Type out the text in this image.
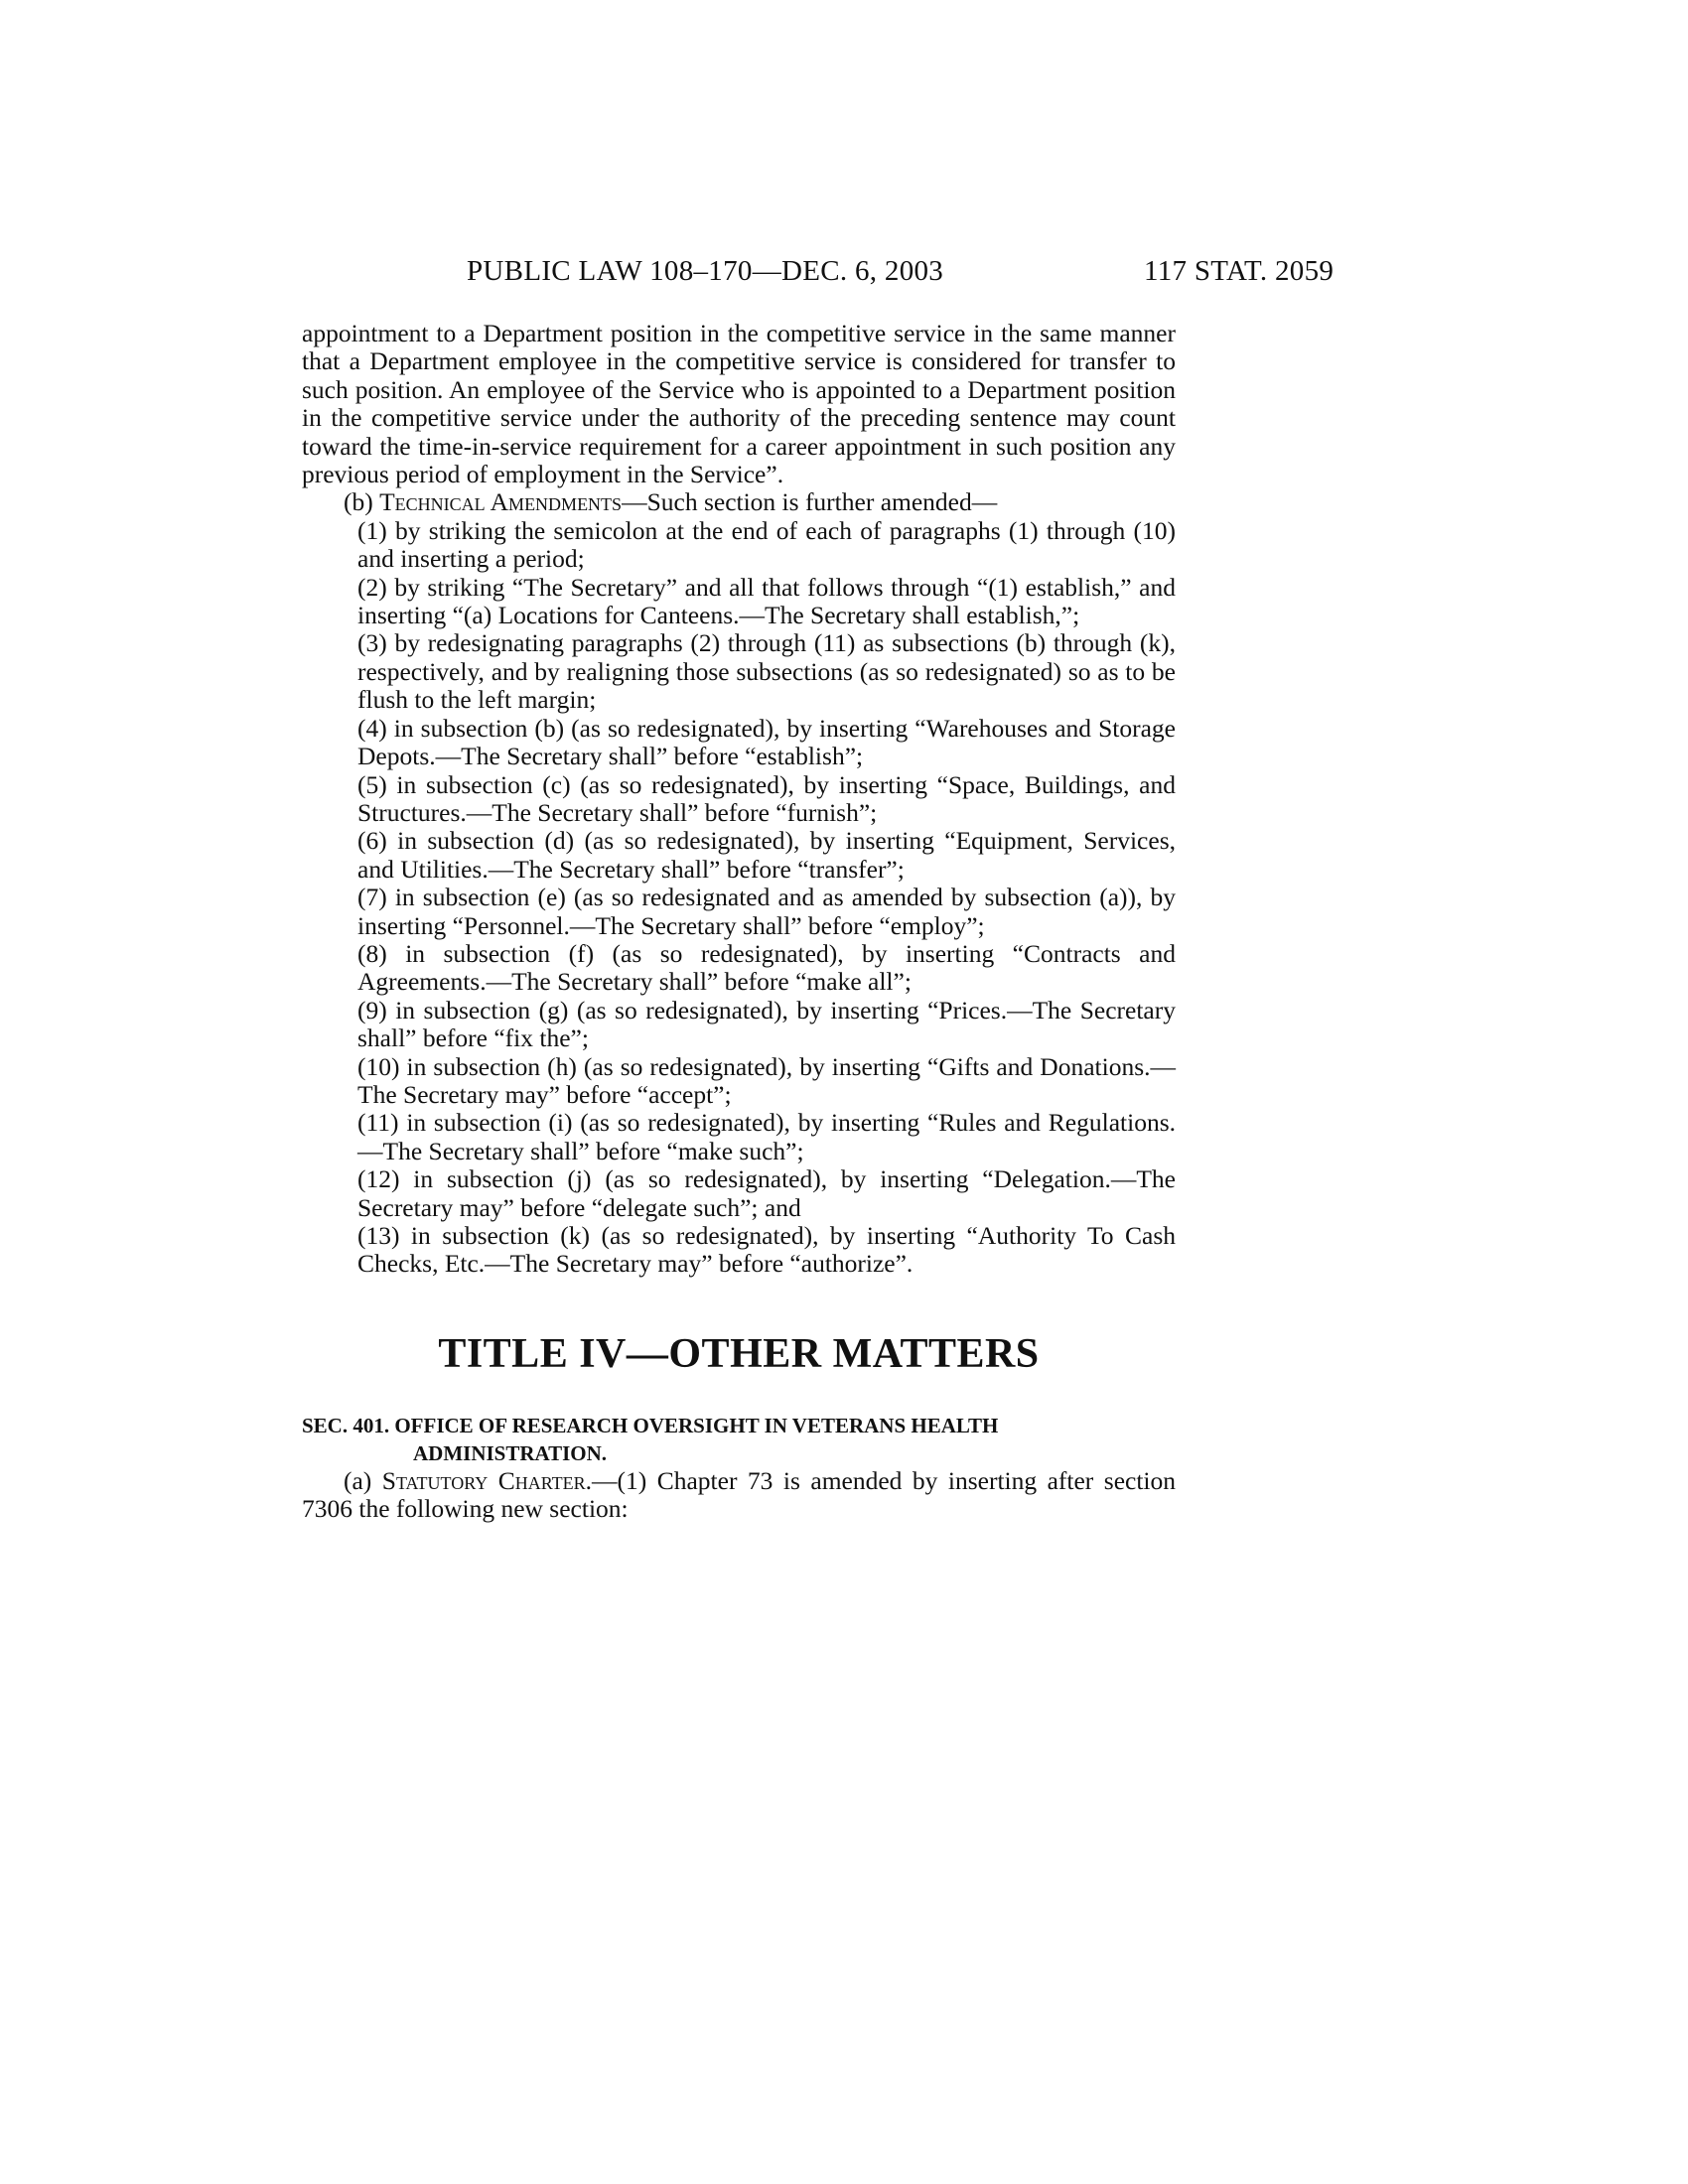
PUBLIC LAW 108–170—DEC. 6, 2003	117 STAT. 2059

appointment to a Department position in the competitive service in the same manner that a Department employee in the competitive service is considered for transfer to such position. An employee of the Service who is appointed to a Department position in the competitive service under the authority of the preceding sentence may count toward the time-in-service requirement for a career appointment in such position any previous period of employment in the Service”.

(b) Technical Amendments—Such section is further amended—

(1) by striking the semicolon at the end of each of paragraphs (1) through (10) and inserting a period;

(2) by striking “The Secretary” and all that follows through “(1) establish,” and inserting “(a) Locations for Canteens.—The Secretary shall establish,”;

(3) by redesignating paragraphs (2) through (11) as subsections (b) through (k), respectively, and by realigning those subsections (as so redesignated) so as to be flush to the left margin;

(4) in subsection (b) (as so redesignated), by inserting “Warehouses and Storage Depots.—The Secretary shall” before “establish”;

(5) in subsection (c) (as so redesignated), by inserting “Space, Buildings, and Structures.—The Secretary shall” before “furnish”;

(6) in subsection (d) (as so redesignated), by inserting “Equipment, Services, and Utilities.—The Secretary shall” before “transfer”;

(7) in subsection (e) (as so redesignated and as amended by subsection (a)), by inserting “Personnel.—The Secretary shall” before “employ”;

(8) in subsection (f) (as so redesignated), by inserting “Contracts and Agreements.—The Secretary shall” before “make all”;

(9) in subsection (g) (as so redesignated), by inserting “Prices.—The Secretary shall” before “fix the”;

(10) in subsection (h) (as so redesignated), by inserting “Gifts and Donations.—The Secretary may” before “accept”;

(11) in subsection (i) (as so redesignated), by inserting “Rules and Regulations.—The Secretary shall” before “make such”;

(12) in subsection (j) (as so redesignated), by inserting “Delegation.—The Secretary may” before “delegate such”; and

(13) in subsection (k) (as so redesignated), by inserting “Authority To Cash Checks, Etc.—The Secretary may” before “authorize”.

TITLE IV—OTHER MATTERS

SEC. 401. OFFICE OF RESEARCH OVERSIGHT IN VETERANS HEALTH ADMINISTRATION.

(a) Statutory Charter.—(1) Chapter 73 is amended by inserting after section 7306 the following new section:
